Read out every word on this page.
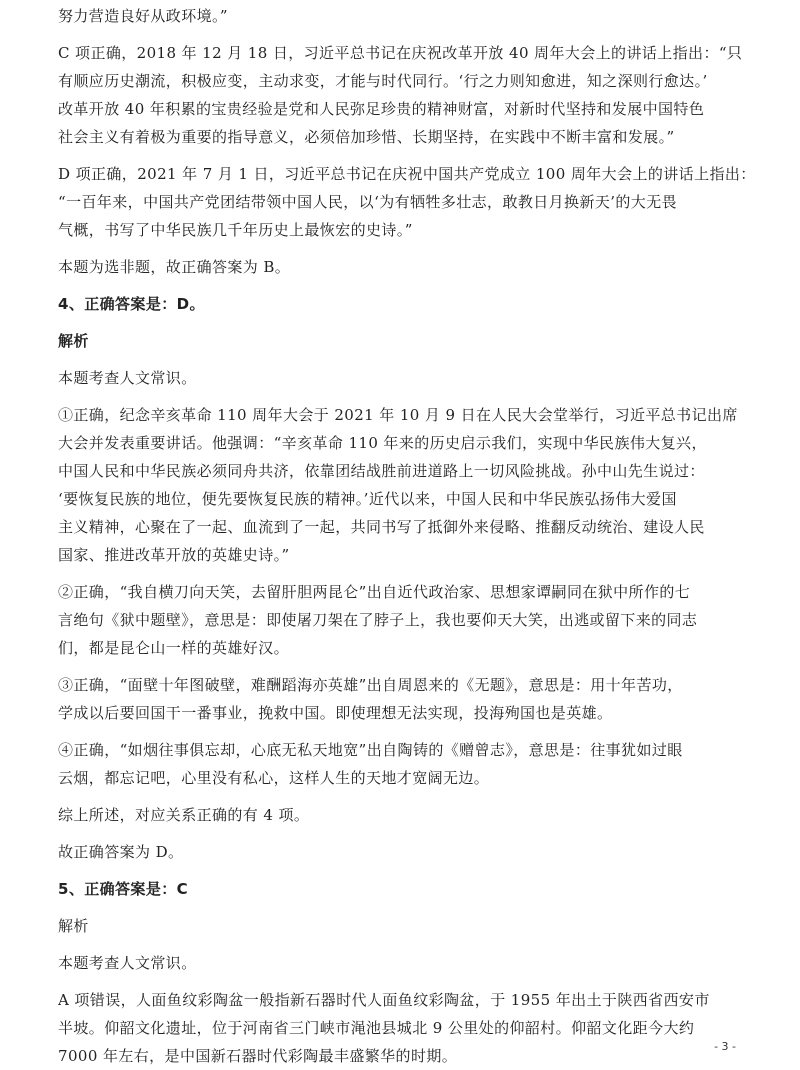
努力营造良好从政环境。”
C 项正确，2018 年 12 月 18 日，习近平总书记在庆祝改革开放 40 周年大会上的讲话上指出：“只
有顺应历史潮流，积极应变，主动求变，才能与时代同行。‘行之力则知愈进，知之深则行愈达。’
改革开放 40 年积累的宝贵经验是党和人民弥足珍贵的精神财富，对新时代坚持和发展中国特色
社会主义有着极为重要的指导意义，必须倍加珍惜、长期坚持，在实践中不断丰富和发展。”
D 项正确，2021 年 7 月 1 日，习近平总书记在庆祝中国共产党成立 100 周年大会上的讲话上指出：
“一百年来，中国共产党团结带领中国人民，以‘为有牺牲多壮志，敢教日月换新天’的大无畏
气概，书写了中华民族几千年历史上最恢宏的史诗。”
本题为选非题，故正确答案为 B。
4、正确答案是：D。
解析
本题考查人文常识。
①正确，纪念辛亥革命 110 周年大会于 2021 年 10 月 9 日在人民大会堂举行，习近平总书记出席
大会并发表重要讲话。他强调：“辛亥革命 110 年来的历史启示我们，实现中华民族伟大复兴，
中国人民和中华民族必须同舟共济，依靠团结战胜前进道路上一切风险挑战。孙中山先生说过：
‘要恢复民族的地位，便先要恢复民族的精神。’近代以来，中国人民和中华民族弘扬伟大爱国
主义精神，心聚在了一起、血流到了一起，共同书写了抵御外来侵略、推翻反动统治、建设人民
国家、推进改革开放的英雄史诗。”
②正确，“我自横刀向天笑，去留肝胆两昆仑”出自近代政治家、思想家谭嗣同在狱中所作的七
言绝句《狱中题壁》，意思是：即使屠刀架在了脖子上，我也要仰天大笑，出逃或留下来的同志
们，都是昆仑山一样的英雄好汉。
③正确，“面壁十年图破壁，难酬蹈海亦英雄”出自周恩来的《无题》，意思是：用十年苦功，
学成以后要回国干一番事业，挽救中国。即使理想无法实现，投海殉国也是英雄。
④正确，“如烟往事俱忘却，心底无私天地宽”出自陶铸的《赠曾志》，意思是：往事犹如过眼
云烟，都忘记吧，心里没有私心，这样人生的天地才宽阔无边。
综上所述，对应关系正确的有 4 项。
故正确答案为 D。
5、正确答案是：C
解析
本题考查人文常识。
A 项错误，人面鱼纹彩陶盆一般指新石器时代人面鱼纹彩陶盆，于 1955 年出土于陕西省西安市
半坡。仰韶文化遗址，位于河南省三门峡市渑池县城北 9 公里处的仰韶村。仰韶文化距今大约
7000 年左右，是中国新石器时代彩陶最丰盛繁华的时期。
- 3 -
